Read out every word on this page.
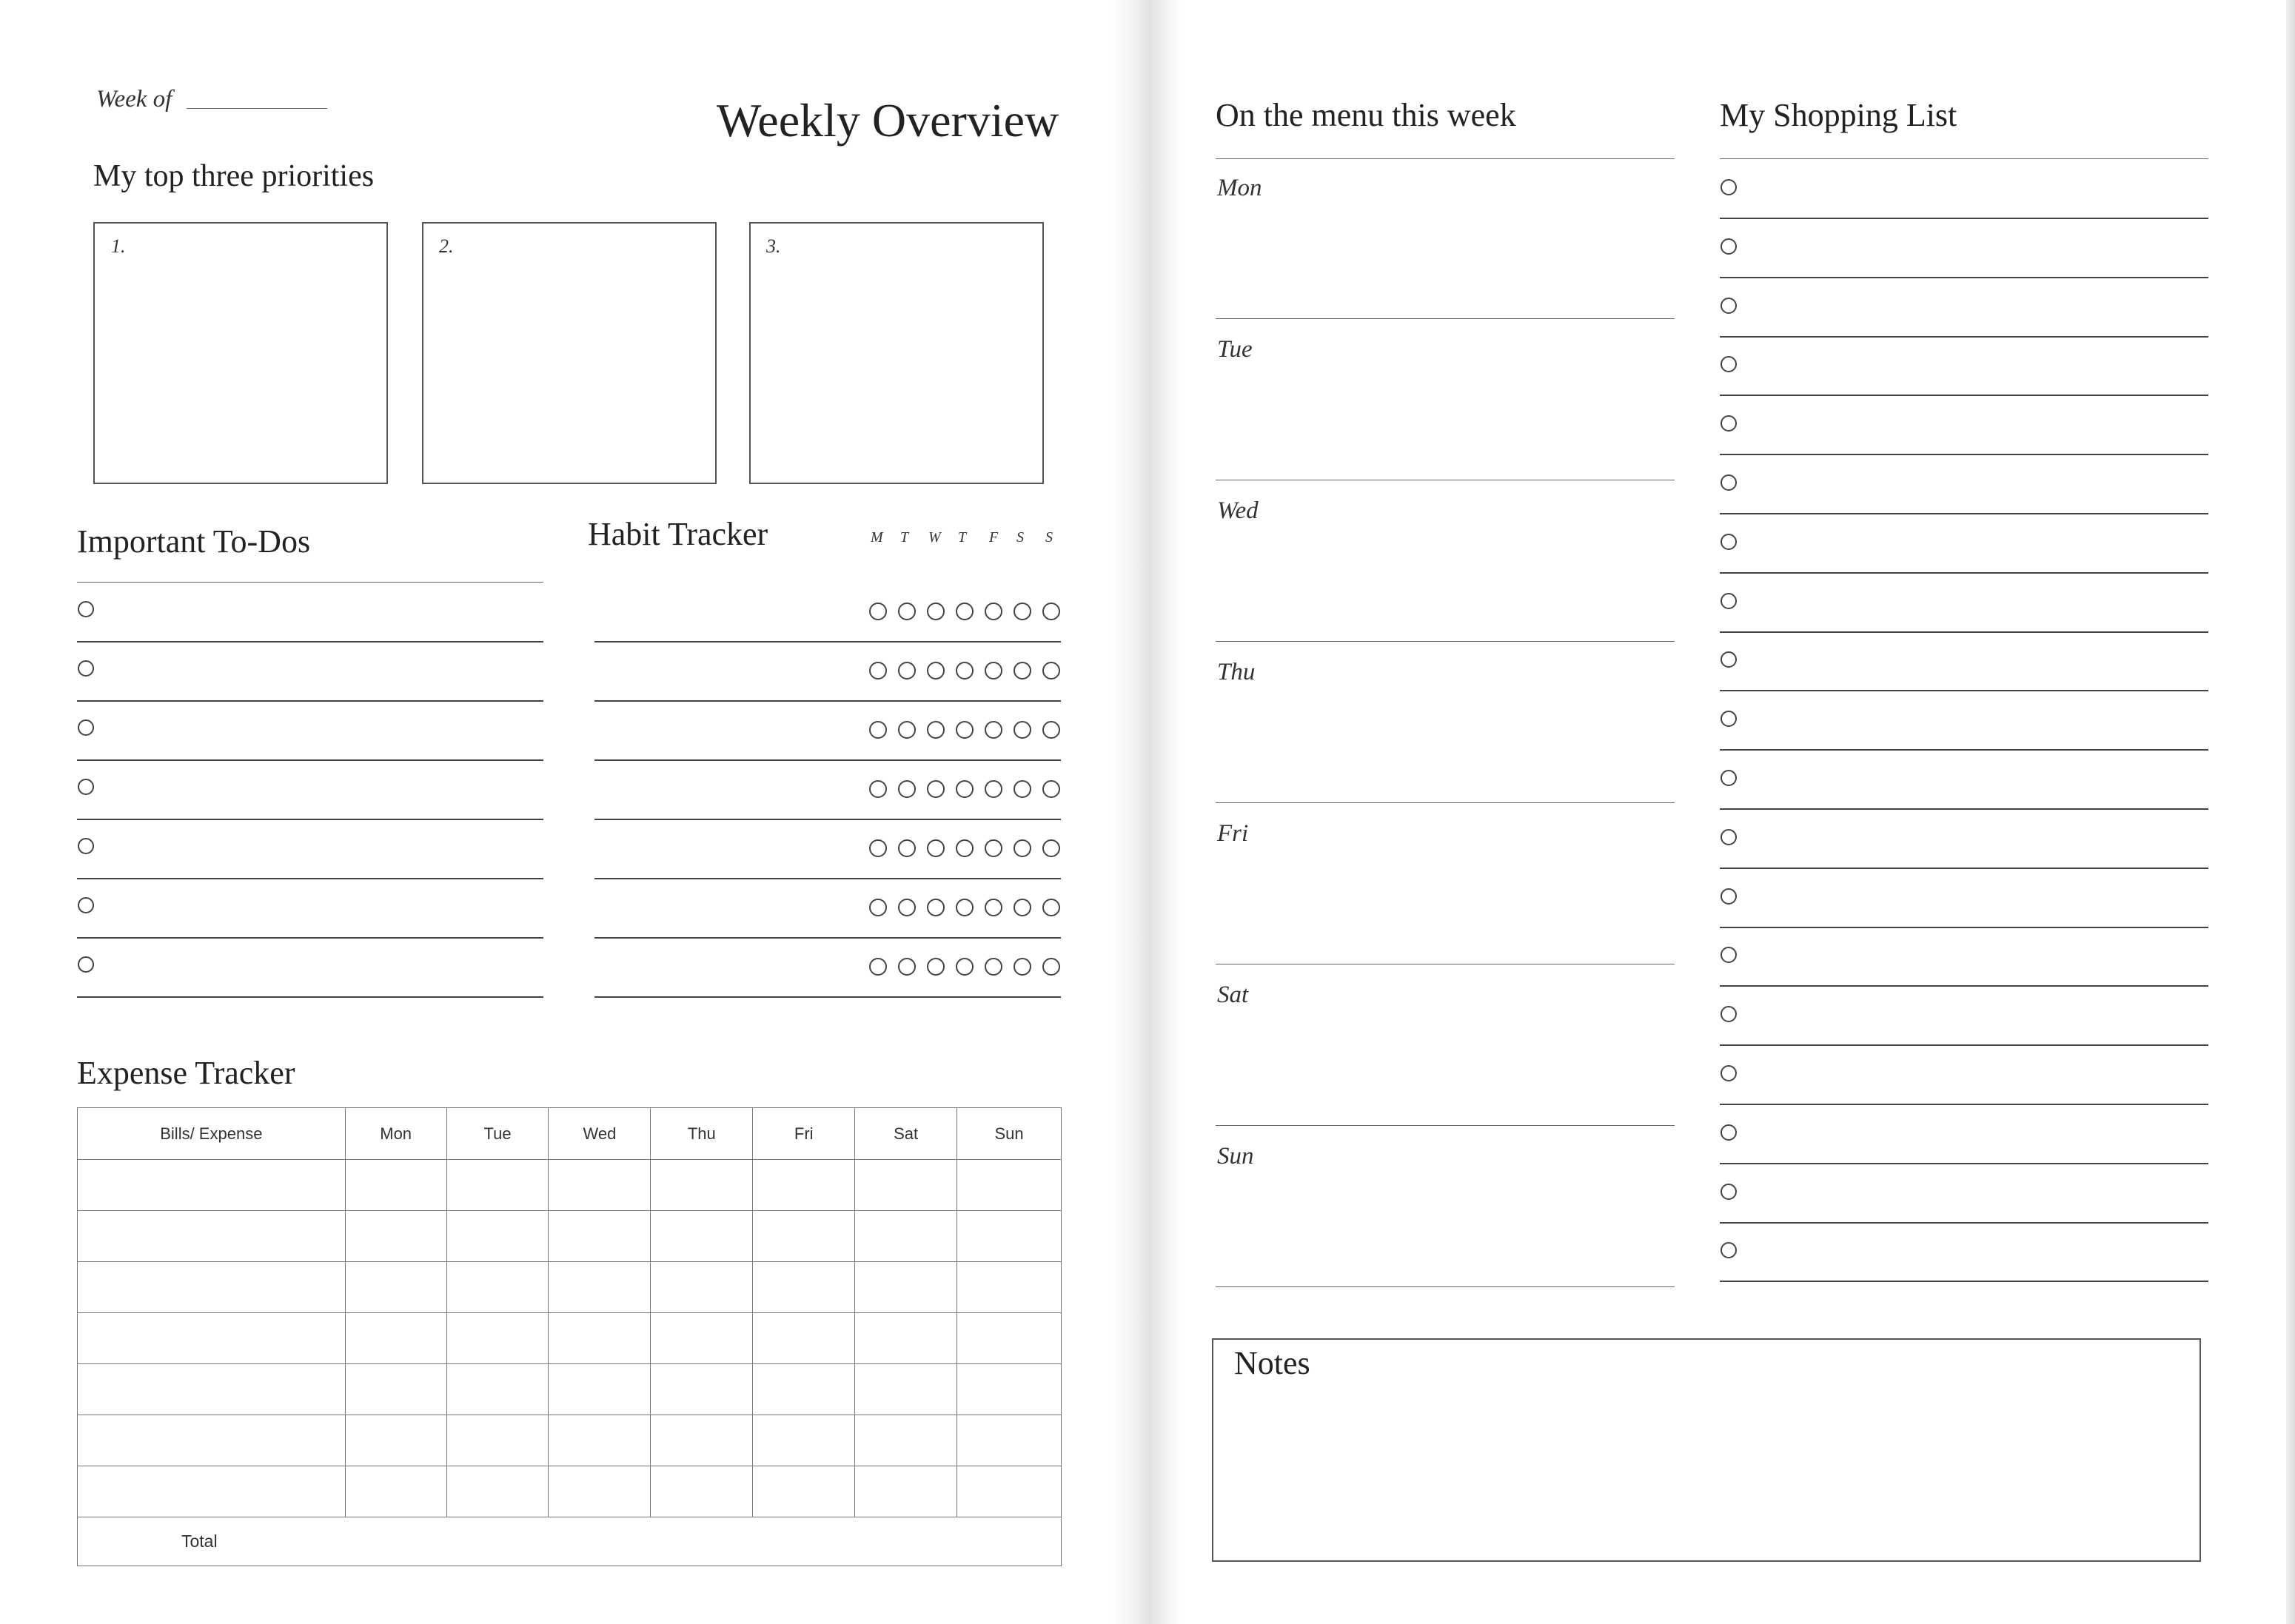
Week of	Weekly Overview
My top three priorities
1.	2.	3.
Important To-Dos	Habit Tracker	M T W T F S S
Expense Tracker
Bills/ Expense	Mon	Tue	Wed	Thu	Fri	Sat	Sun

Total							
On the menu this week
Mon
Tue
Wed
Thu
Fri
Sat
Sun
My Shopping List
Notes
